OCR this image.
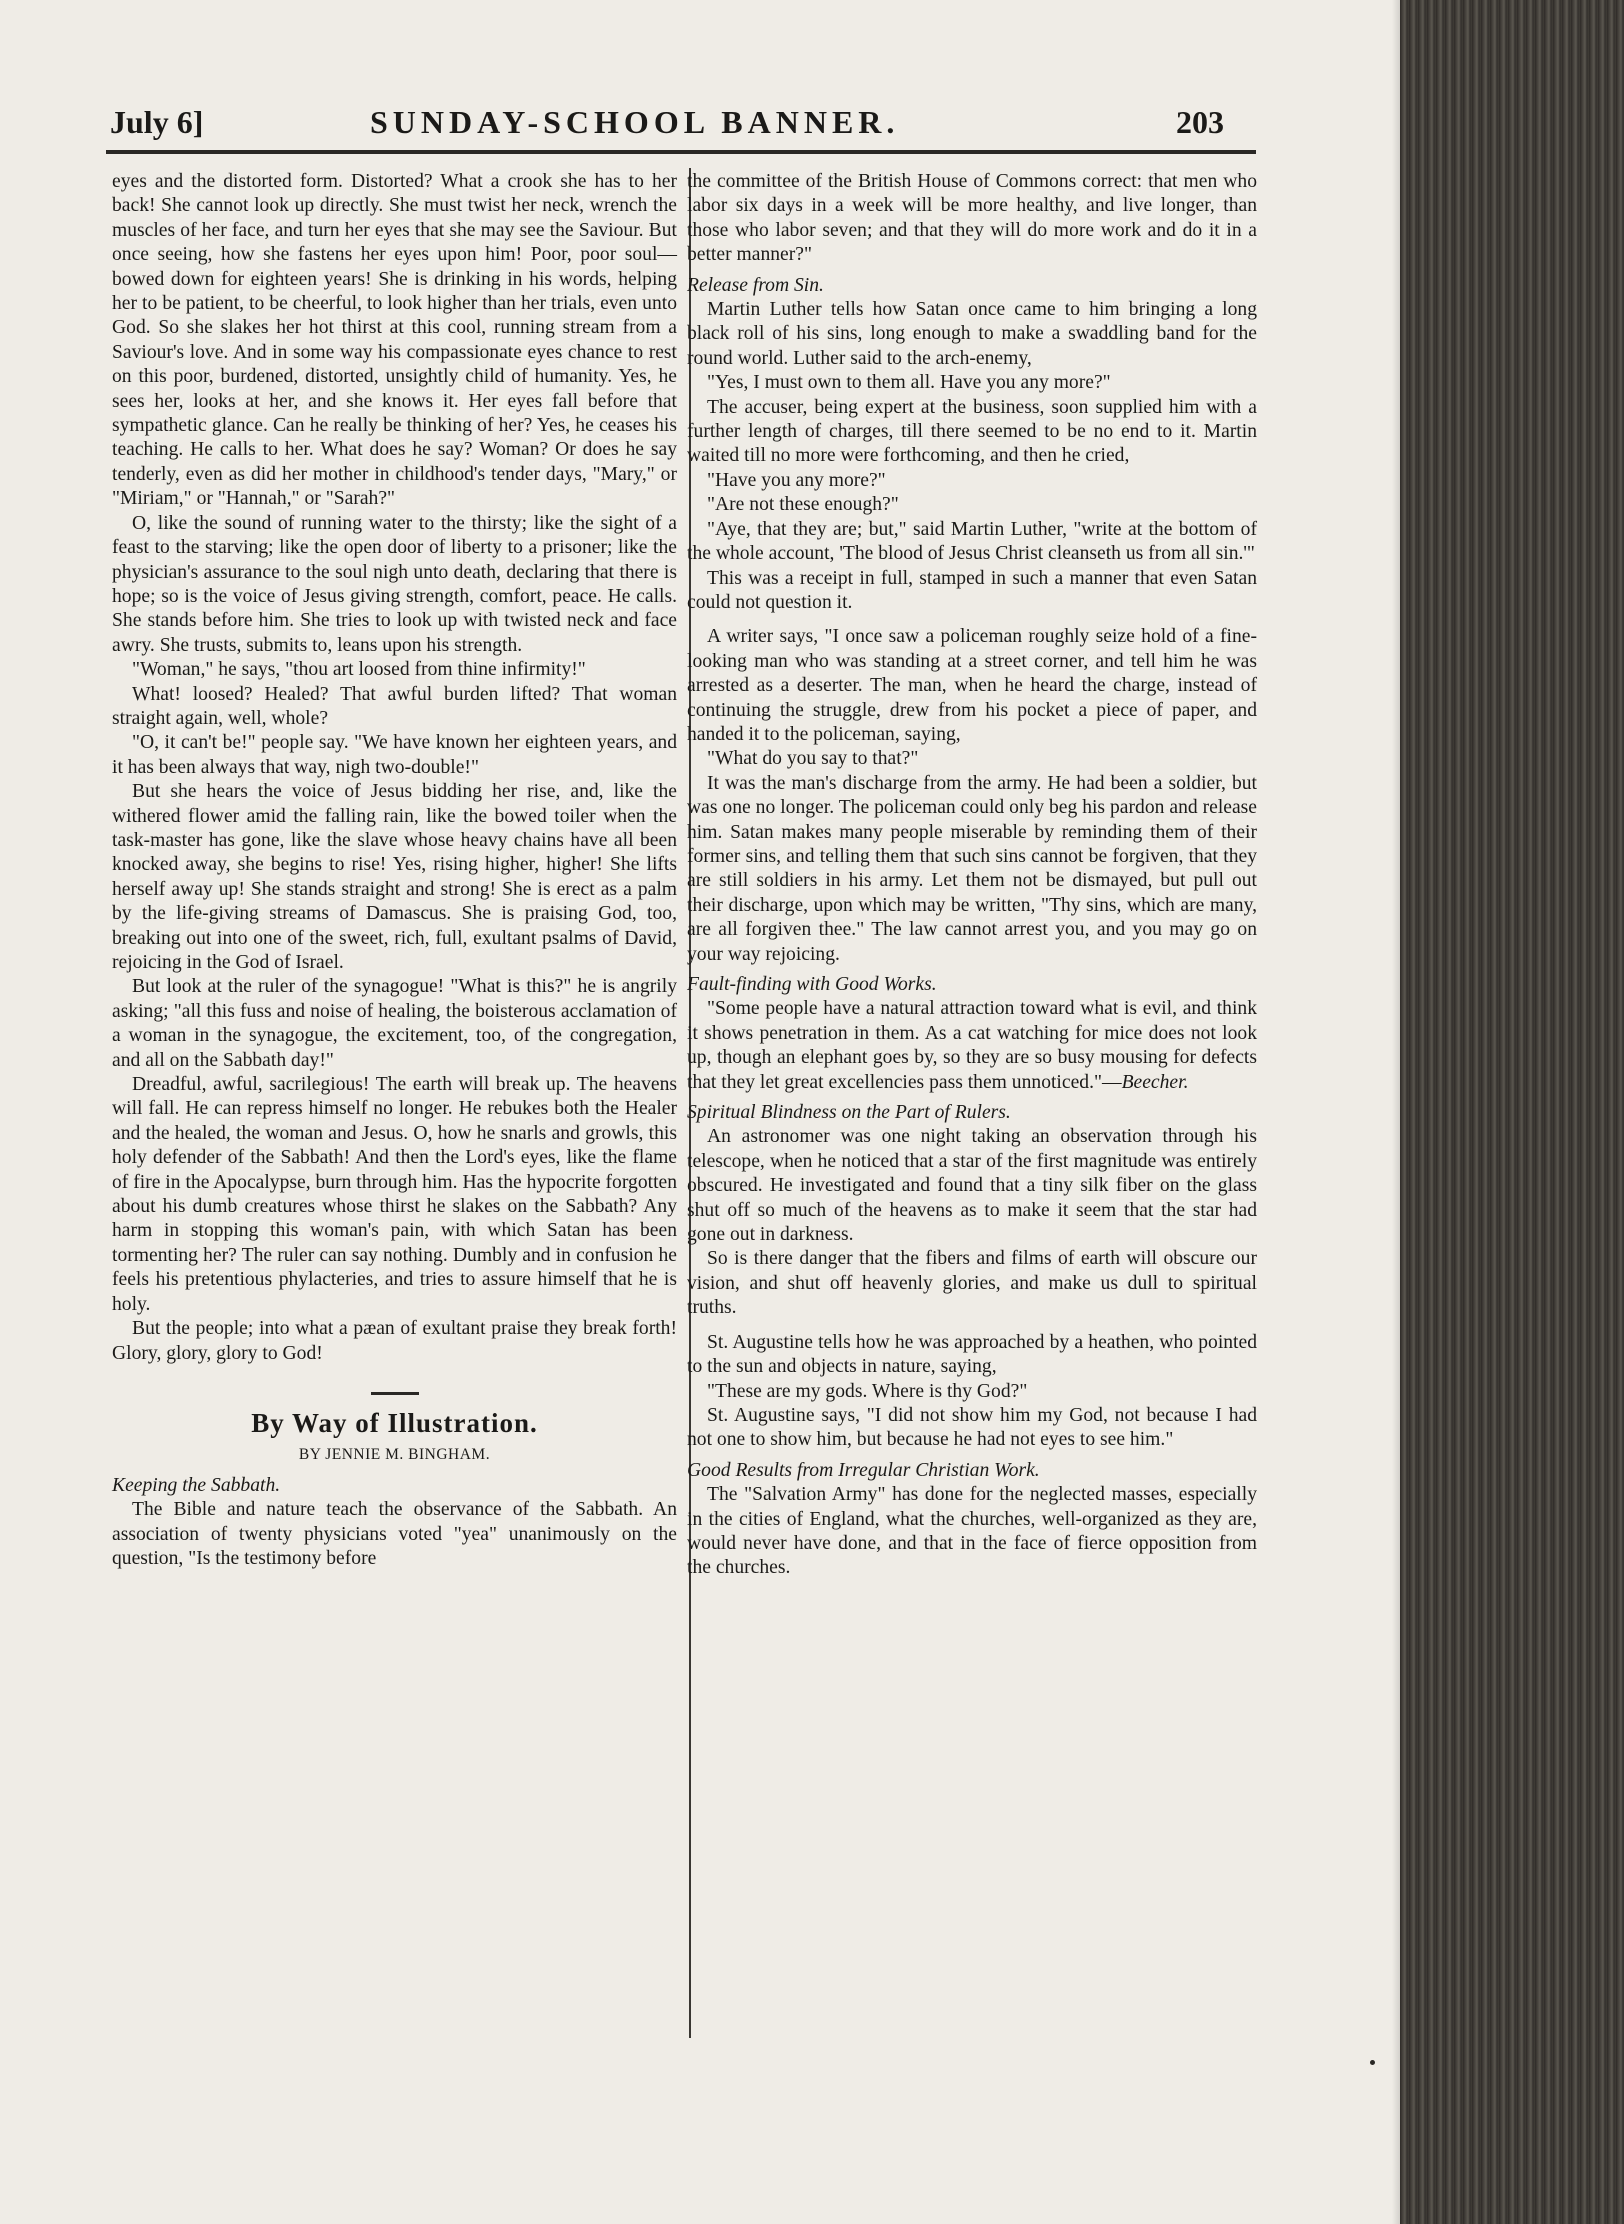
July 6]	SUNDAY-SCHOOL BANNER.	203

eyes and the distorted form. Distorted? What a crook she has to her back! She cannot look up directly. She must twist her neck, wrench the muscles of her face, and turn her eyes that she may see the Saviour. But once seeing, how she fastens her eyes upon him! Poor, poor soul—bowed down for eighteen years! She is drinking in his words, helping her to be patient, to be cheerful, to look higher than her trials, even unto God. So she slakes her hot thirst at this cool, running stream from a Saviour's love. And in some way his compassionate eyes chance to rest on this poor, burdened, distorted, unsightly child of humanity. Yes, he sees her, looks at her, and she knows it. Her eyes fall before that sympathetic glance. Can he really be thinking of her? Yes, he ceases his teaching. He calls to her. What does he say? Woman? Or does he say tenderly, even as did her mother in childhood's tender days, "Mary," or "Miriam," or "Hannah," or "Sarah?"

O, like the sound of running water to the thirsty; like the sight of a feast to the starving; like the open door of liberty to a prisoner; like the physician's assurance to the soul nigh unto death, declaring that there is hope; so is the voice of Jesus giving strength, comfort, peace. He calls. She stands before him. She tries to look up with twisted neck and face awry. She trusts, submits to, leans upon his strength.

"Woman," he says, "thou art loosed from thine infirmity!"

What! loosed? Healed? That awful burden lifted? That woman straight again, well, whole?

"O, it can't be!" people say. "We have known her eighteen years, and it has been always that way, nigh two-double!"

But she hears the voice of Jesus bidding her rise, and, like the withered flower amid the falling rain, like the bowed toiler when the task-master has gone, like the slave whose heavy chains have all been knocked away, she begins to rise! Yes, rising higher, higher! She lifts herself away up! She stands straight and strong! She is erect as a palm by the life-giving streams of Damascus. She is praising God, too, breaking out into one of the sweet, rich, full, exultant psalms of David, rejoicing in the God of Israel.

But look at the ruler of the synagogue! "What is this?" he is angrily asking; "all this fuss and noise of healing, the boisterous acclamation of a woman in the synagogue, the excitement, too, of the congregation, and all on the Sabbath day!"

Dreadful, awful, sacrilegious! The earth will break up. The heavens will fall. He can repress himself no longer. He rebukes both the Healer and the healed, the woman and Jesus. O, how he snarls and growls, this holy defender of the Sabbath! And then the Lord's eyes, like the flame of fire in the Apocalypse, burn through him. Has the hypocrite forgotten about his dumb creatures whose thirst he slakes on the Sabbath? Any harm in stopping this woman's pain, with which Satan has been tormenting her? The ruler can say nothing. Dumbly and in confusion he feels his pretentious phylacteries, and tries to assure himself that he is holy.

But the people; into what a pæan of exultant praise they break forth! Glory, glory, glory to God!

By Way of Illustration.

BY JENNIE M. BINGHAM.

Keeping the Sabbath.

The Bible and nature teach the observance of the Sabbath. An association of twenty physicians voted "yea" unanimously on the question, "Is the testimony before

the committee of the British House of Commons correct: that men who labor six days in a week will be more healthy, and live longer, than those who labor seven; and that they will do more work and do it in a better manner?"

Release from Sin.

Martin Luther tells how Satan once came to him bringing a long black roll of his sins, long enough to make a swaddling band for the round world. Luther said to the arch-enemy,

"Yes, I must own to them all. Have you any more?"

The accuser, being expert at the business, soon supplied him with a further length of charges, till there seemed to be no end to it. Martin waited till no more were forthcoming, and then he cried,

"Have you any more?"

"Are not these enough?"

"Aye, that they are; but," said Martin Luther, "write at the bottom of the whole account, 'The blood of Jesus Christ cleanseth us from all sin.'"

This was a receipt in full, stamped in such a manner that even Satan could not question it.

A writer says, "I once saw a policeman roughly seize hold of a fine-looking man who was standing at a street corner, and tell him he was arrested as a deserter. The man, when he heard the charge, instead of continuing the struggle, drew from his pocket a piece of paper, and handed it to the policeman, saying,

"What do you say to that?"

It was the man's discharge from the army. He had been a soldier, but was one no longer. The policeman could only beg his pardon and release him. Satan makes many people miserable by reminding them of their former sins, and telling them that such sins cannot be forgiven, that they are still soldiers in his army. Let them not be dismayed, but pull out their discharge, upon which may be written, "Thy sins, which are many, are all forgiven thee." The law cannot arrest you, and you may go on your way rejoicing.

Fault-finding with Good Works.

"Some people have a natural attraction toward what is evil, and think it shows penetration in them. As a cat watching for mice does not look up, though an elephant goes by, so they are so busy mousing for defects that they let great excellencies pass them unnoticed."—Beecher.

Spiritual Blindness on the Part of Rulers.

An astronomer was one night taking an observation through his telescope, when he noticed that a star of the first magnitude was entirely obscured. He investigated and found that a tiny silk fiber on the glass shut off so much of the heavens as to make it seem that the star had gone out in darkness.

So is there danger that the fibers and films of earth will obscure our vision, and shut off heavenly glories, and make us dull to spiritual truths.

St. Augustine tells how he was approached by a heathen, who pointed to the sun and objects in nature, saying,

"These are my gods. Where is thy God?"

St. Augustine says, "I did not show him my God, not because I had not one to show him, but because he had not eyes to see him."

Good Results from Irregular Christian Work.

The "Salvation Army" has done for the neglected masses, especially in the cities of England, what the churches, well-organized as they are, would never have done, and that in the face of fierce opposition from the churches.
